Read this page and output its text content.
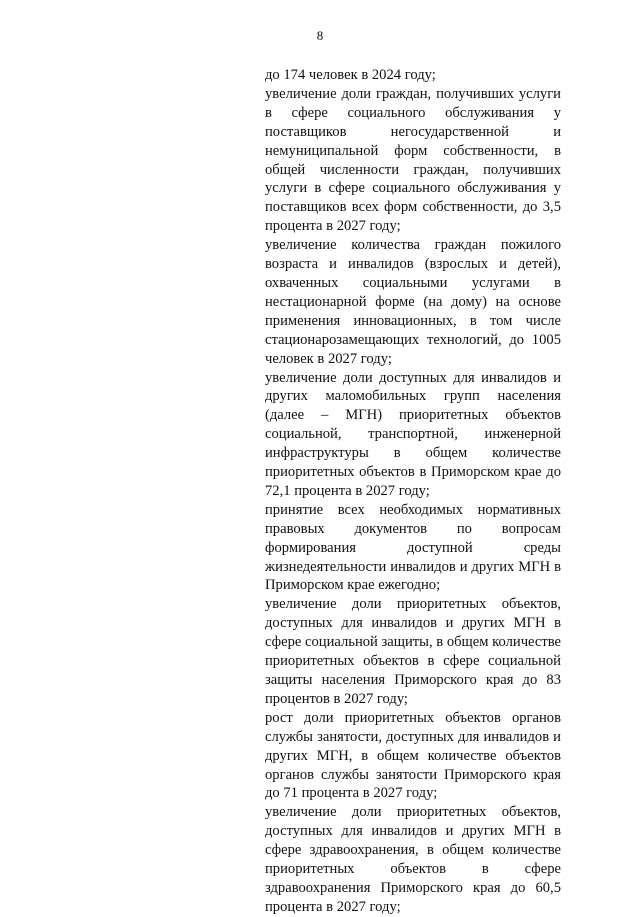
8
до 174 человек в 2024 году;
увеличение доли граждан, получивших услуги в сфере социального обслуживания у поставщиков негосударственной и немуниципальной форм собственности, в общей численности граждан, получивших услуги в сфере социального обслуживания у поставщиков всех форм собственности, до 3,5 процента в 2027 году;
увеличение количества граждан пожилого возраста и инвалидов (взрослых и детей), охваченных социальными услугами в нестационарной форме (на дому) на основе применения инновационных, в том числе стационарозамещающих технологий, до 1005 человек в 2027 году;
увеличение доли доступных для инвалидов и других маломобильных групп населения (далее – МГН) приоритетных объектов социальной, транспортной, инженерной инфраструктуры в общем количестве приоритетных объектов в Приморском крае до 72,1 процента в 2027 году;
принятие всех необходимых нормативных правовых документов по вопросам формирования доступной среды жизнедеятельности инвалидов и других МГН в Приморском крае ежегодно;
увеличение доли приоритетных объектов, доступных для инвалидов и других МГН в сфере социальной защиты, в общем количестве приоритетных объектов в сфере социальной защиты населения Приморского края до 83 процентов в 2027 году;
рост доли приоритетных объектов органов службы занятости, доступных для инвалидов и других МГН, в общем количестве объектов органов службы занятости Приморского края до 71 процента в 2027 году;
увеличение доли приоритетных объектов, доступных для инвалидов и других МГН в сфере здравоохранения, в общем количестве приоритетных объектов в сфере здравоохранения Приморского края до 60,5 процента в 2027 году;
